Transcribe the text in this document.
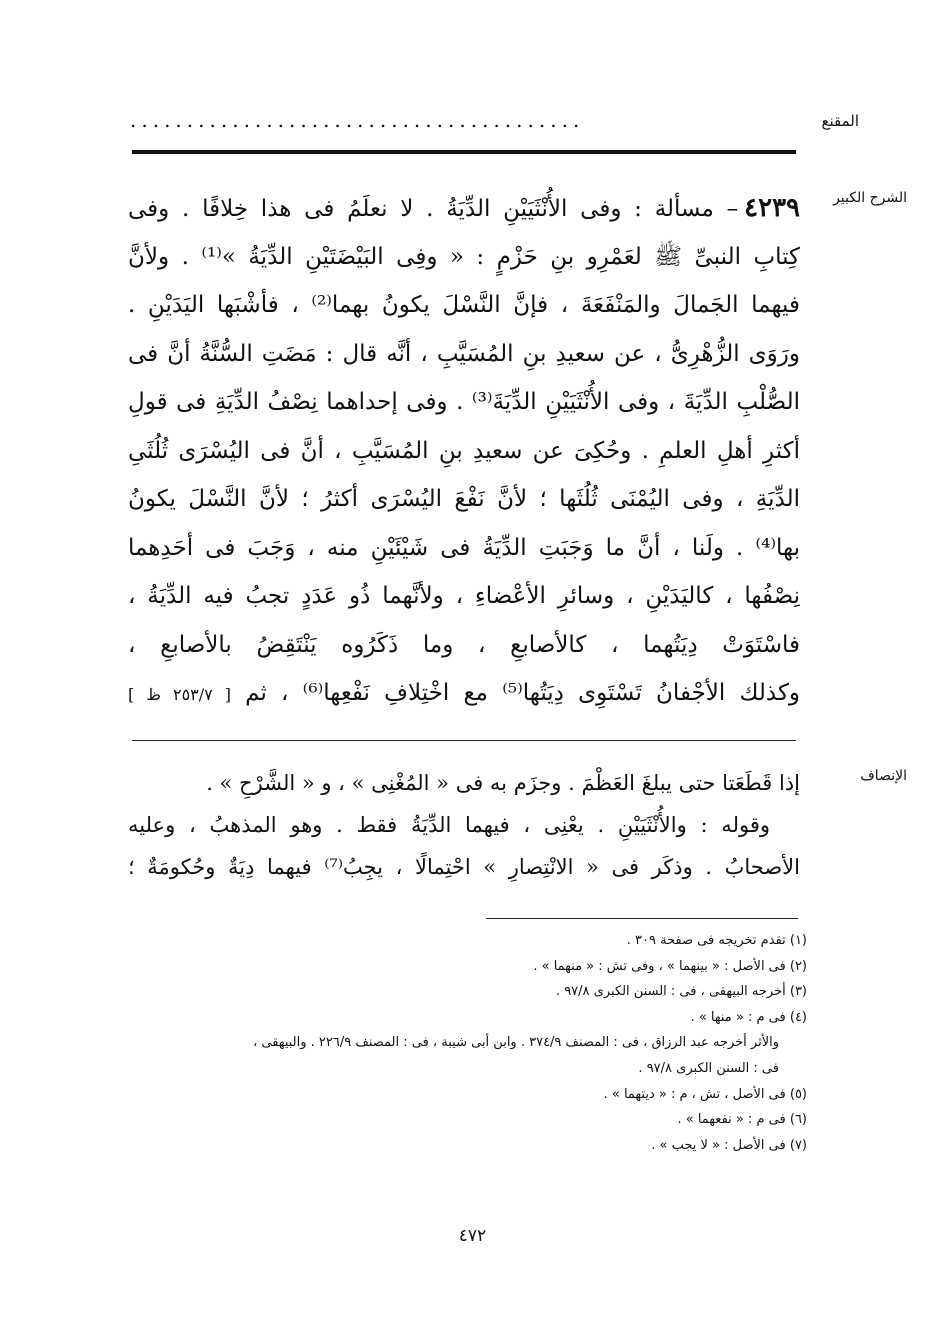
المقنع
........................................
الشرح الكبير
الإنصاف
٤٢٣٩– مسألة : وفى الأُنْثَيَيْنِ الدِّيَةُ . لا نعلَمُ فى هذا خِلافًا . وفى
كِتابِ النبىِّ ﷺ لعَمْرِو بنِ حَزْمٍ : « وفِى البَيْضَتَيْنِ الدِّيَةُ »⁽¹⁾ . ولأنَّ
فيهما الجَمالَ والمَنْفَعَةَ ، فإنَّ النَّسْلَ يكونُ بهما⁽²⁾ ، فأشْبَها اليَدَيْنِ .
ورَوَى الزُّهْرِىُّ ، عن سعيدِ بنِ المُسَيَّبِ ، أنَّه قال : مَضَتِ السُّنَّةُ أنَّ فى
الصُّلْبِ الدِّيَةَ ، وفى الأُنْثَيَيْنِ الدِّيَةَ⁽³⁾ . وفى إحداهما نِصْفُ الدِّيَةِ فى قولِ
أكثرِ أهلِ العلمِ . وحُكِىَ عن سعيدِ بنِ المُسَيَّبِ ، أنَّ فى اليُسْرَى ثُلُثَىِ
الدِّيَةِ ، وفى اليُمْنَى ثُلُثَها ؛ لأنَّ نَفْعَ اليُسْرَى أكثرُ ؛ لأنَّ النَّسْلَ يكونُ
بها⁽⁴⁾ . ولَنا ، أنَّ ما وَجَبَتِ الدِّيَةُ فى شَيْئَيْنِ منه ، وَجَبَ فى أحَدِهما
نِصْفُها ، كاليَدَيْنِ ، وسائرِ الأعْضاءِ ، ولأنَّهما ذُو عَدَدٍ تجبُ فيه الدِّيَةُ ،
فاسْتَوَتْ دِيَتُهما ، كالأصابعِ ، وما ذَكَرُوه يَنْتَقِضُ بالأصابعِ ،
وكذلك الأجْفانُ تَسْتَوِى دِيَتُها⁽⁵⁾ مع اخْتِلافِ نَفْعِها⁽⁶⁾ ، ثم [ ٢٥٣/٧ ظ ]
إذا قَطَعَتا حتى يبلغَ العَظْمَ . وجزَم به فى « المُغْنِى » ، و « الشَّرْحِ » .
وقوله : والأُنْثَيَيْنِ . يعْنِى ، فيهما الدِّيَةُ فقط . وهو المذهبُ ، وعليه
الأصحابُ . وذكَر فى « الانْتِصارِ » احْتِمالًا ، يجِبُ⁽⁷⁾ فيهما دِيَةٌ وحُكومَةٌ ؛
(١) تقدم تخريجه فى صفحة ٣٠٩ .
(٢) فى الأصل : « بينهما » ، وفى تش : « منهما » .
(٣) أخرجه البيهقى ، فى : السنن الكبرى ٩٧/٨ .
(٤) فى م : « منها » .
والأثر أخرجه عبد الرزاق ، فى : المصنف ٣٧٤/٩ . وابن أبى شيبة ، فى : المصنف ٢٢٦/٩ . والبيهقى ،
فى : السنن الكبرى ٩٧/٨ .
(٥) فى الأصل ، تش ، م : « ديتهما » .
(٦) فى م : « نفعهما » .
(٧) فى الأصل : « لا يجب » .
٤٧٢
